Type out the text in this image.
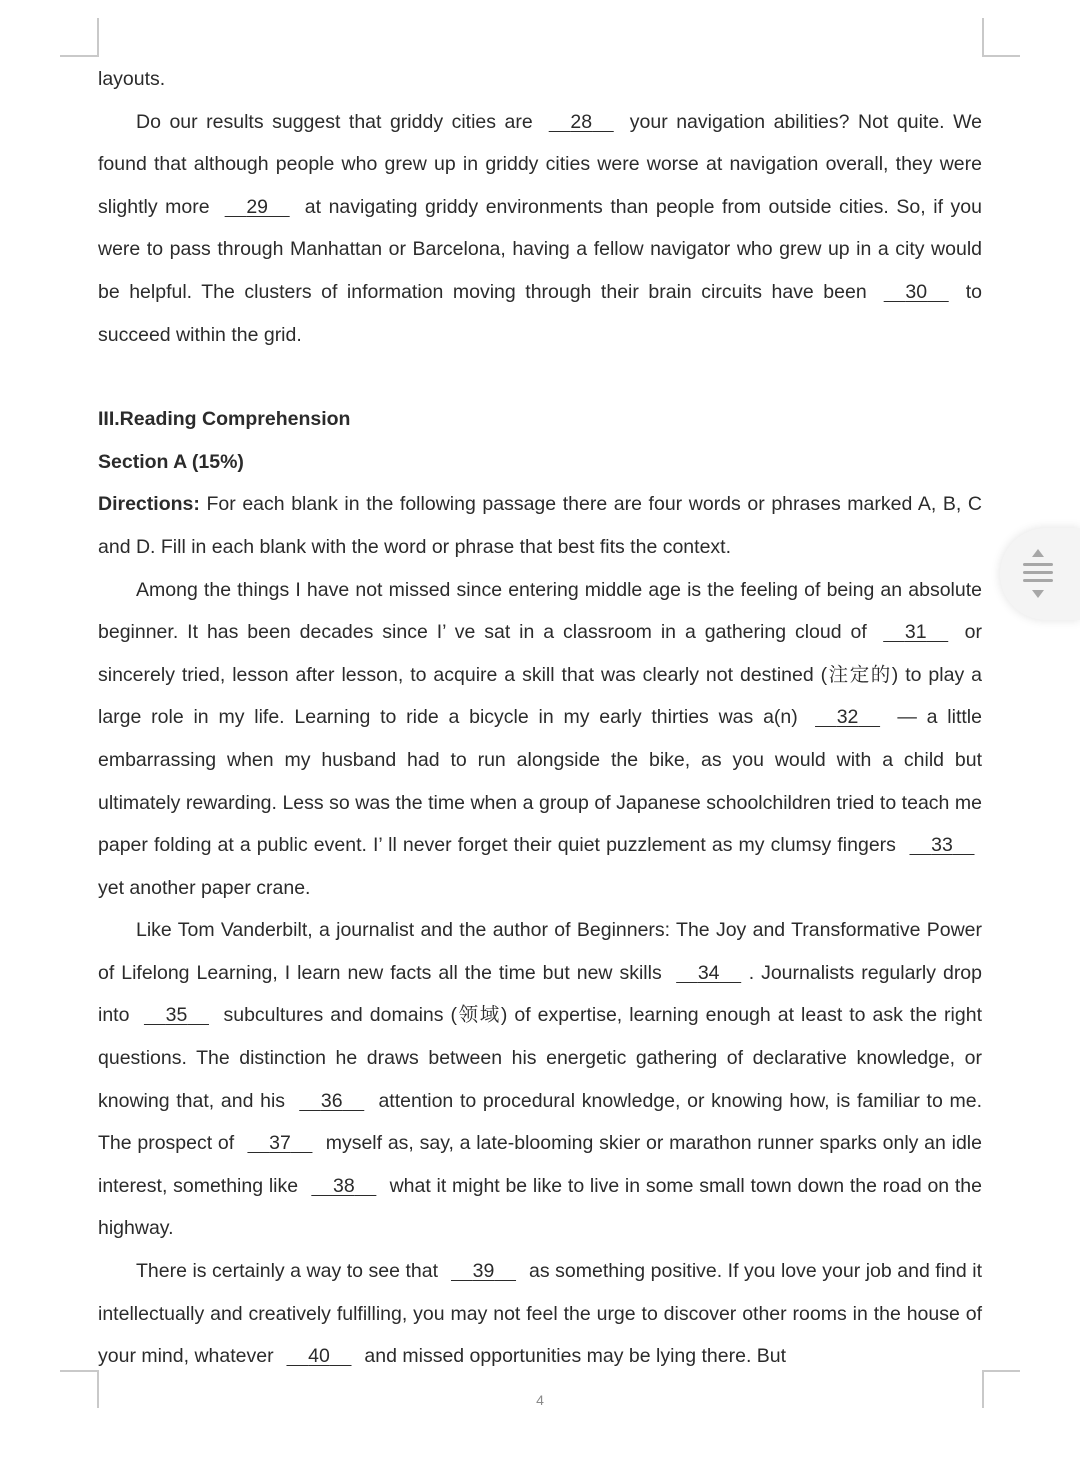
layouts.

Do our results suggest that griddy cities are 28 your navigation abilities? Not quite. We found that although people who grew up in griddy cities were worse at navigation overall, they were slightly more 29 at navigating griddy environments than people from outside cities. So, if you were to pass through Manhattan or Barcelona, having a fellow navigator who grew up in a city would be helpful. The clusters of information moving through their brain circuits have been 30 to succeed within the grid.

III.Reading Comprehension

Section A (15%)

Directions: For each blank in the following passage there are four words or phrases marked A, B, C and D. Fill in each blank with the word or phrase that best fits the context.

Among the things I have not missed since entering middle age is the feeling of being an absolute beginner. It has been decades since I’ ve sat in a classroom in a gathering cloud of 31 or sincerely tried, lesson after lesson, to acquire a skill that was clearly not destined (注定的) to play a large role in my life. Learning to ride a bicycle in my early thirties was a(n) 32 — a little embarrassing when my husband had to run alongside the bike, as you would with a child but ultimately rewarding. Less so was the time when a group of Japanese schoolchildren tried to teach me paper folding at a public event. I’ ll never forget their quiet puzzlement as my clumsy fingers 33 yet another paper crane.

Like Tom Vanderbilt, a journalist and the author of Beginners: The Joy and Transformative Power of Lifelong Learning, I learn new facts all the time but new skills 34 . Journalists regularly drop into 35 subcultures and domains (领域) of expertise, learning enough at least to ask the right questions. The distinction he draws between his energetic gathering of declarative knowledge, or knowing that, and his 36 attention to procedural knowledge, or knowing how, is familiar to me. The prospect of 37 myself as, say, a late-blooming skier or marathon runner sparks only an idle interest, something like 38 what it might be like to live in some small town down the road on the highway.

There is certainly a way to see that 39 as something positive. If you love your job and find it intellectually and creatively fulfilling, you may not feel the urge to discover other rooms in the house of your mind, whatever 40 and missed opportunities may be lying there. But

4
